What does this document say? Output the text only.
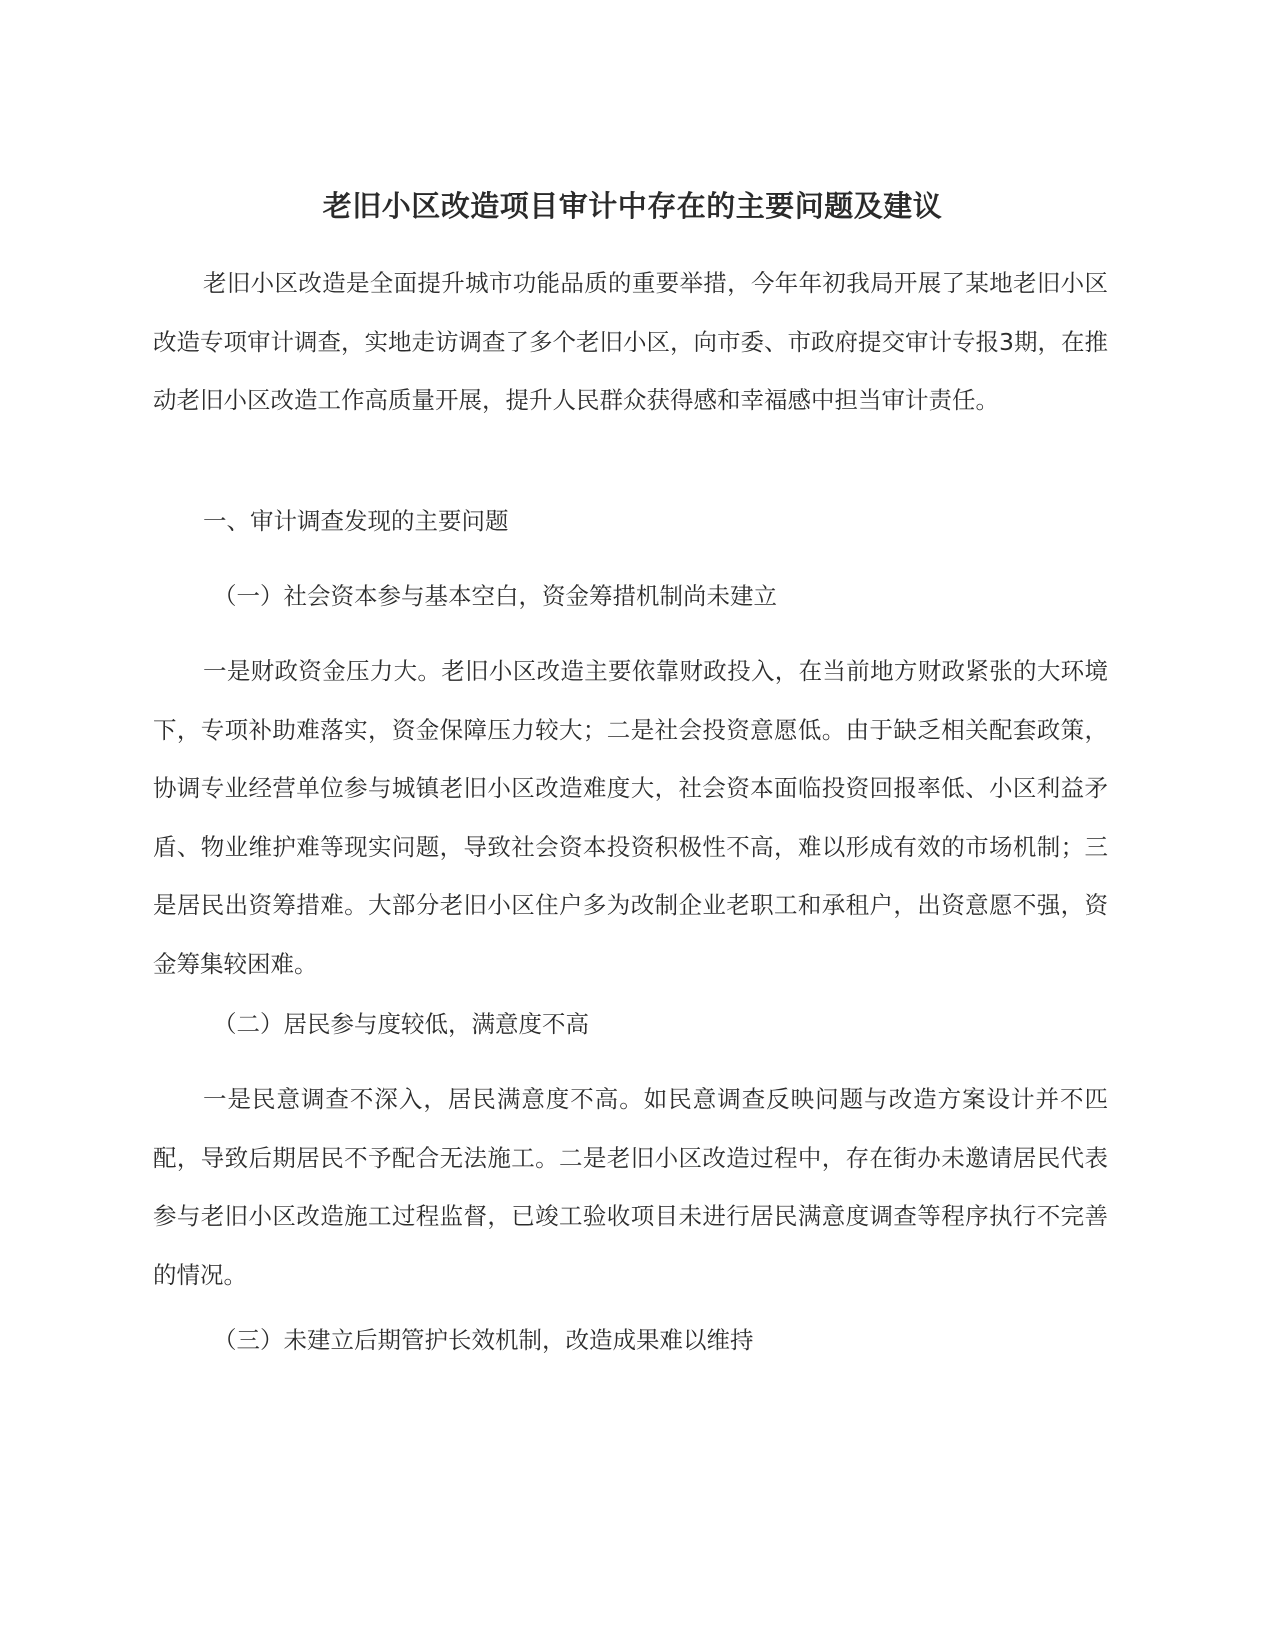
老旧小区改造项目审计中存在的主要问题及建议

老旧小区改造是全面提升城市功能品质的重要举措，今年年初我局开展了某地老旧小区改造专项审计调查，实地走访调查了多个老旧小区，向市委、市政府提交审计专报3期，在推动老旧小区改造工作高质量开展，提升人民群众获得感和幸福感中担当审计责任。

一、审计调查发现的主要问题

（一）社会资本参与基本空白，资金筹措机制尚未建立

一是财政资金压力大。老旧小区改造主要依靠财政投入，在当前地方财政紧张的大环境下，专项补助难落实，资金保障压力较大；二是社会投资意愿低。由于缺乏相关配套政策，协调专业经营单位参与城镇老旧小区改造难度大，社会资本面临投资回报率低、小区利益矛盾、物业维护难等现实问题，导致社会资本投资积极性不高，难以形成有效的市场机制；三是居民出资筹措难。大部分老旧小区住户多为改制企业老职工和承租户，出资意愿不强，资金筹集较困难。

（二）居民参与度较低，满意度不高

一是民意调查不深入，居民满意度不高。如民意调查反映问题与改造方案设计并不匹配，导致后期居民不予配合无法施工。二是老旧小区改造过程中，存在街办未邀请居民代表参与老旧小区改造施工过程监督，已竣工验收项目未进行居民满意度调查等程序执行不完善的情况。

（三）未建立后期管护长效机制，改造成果难以维持
